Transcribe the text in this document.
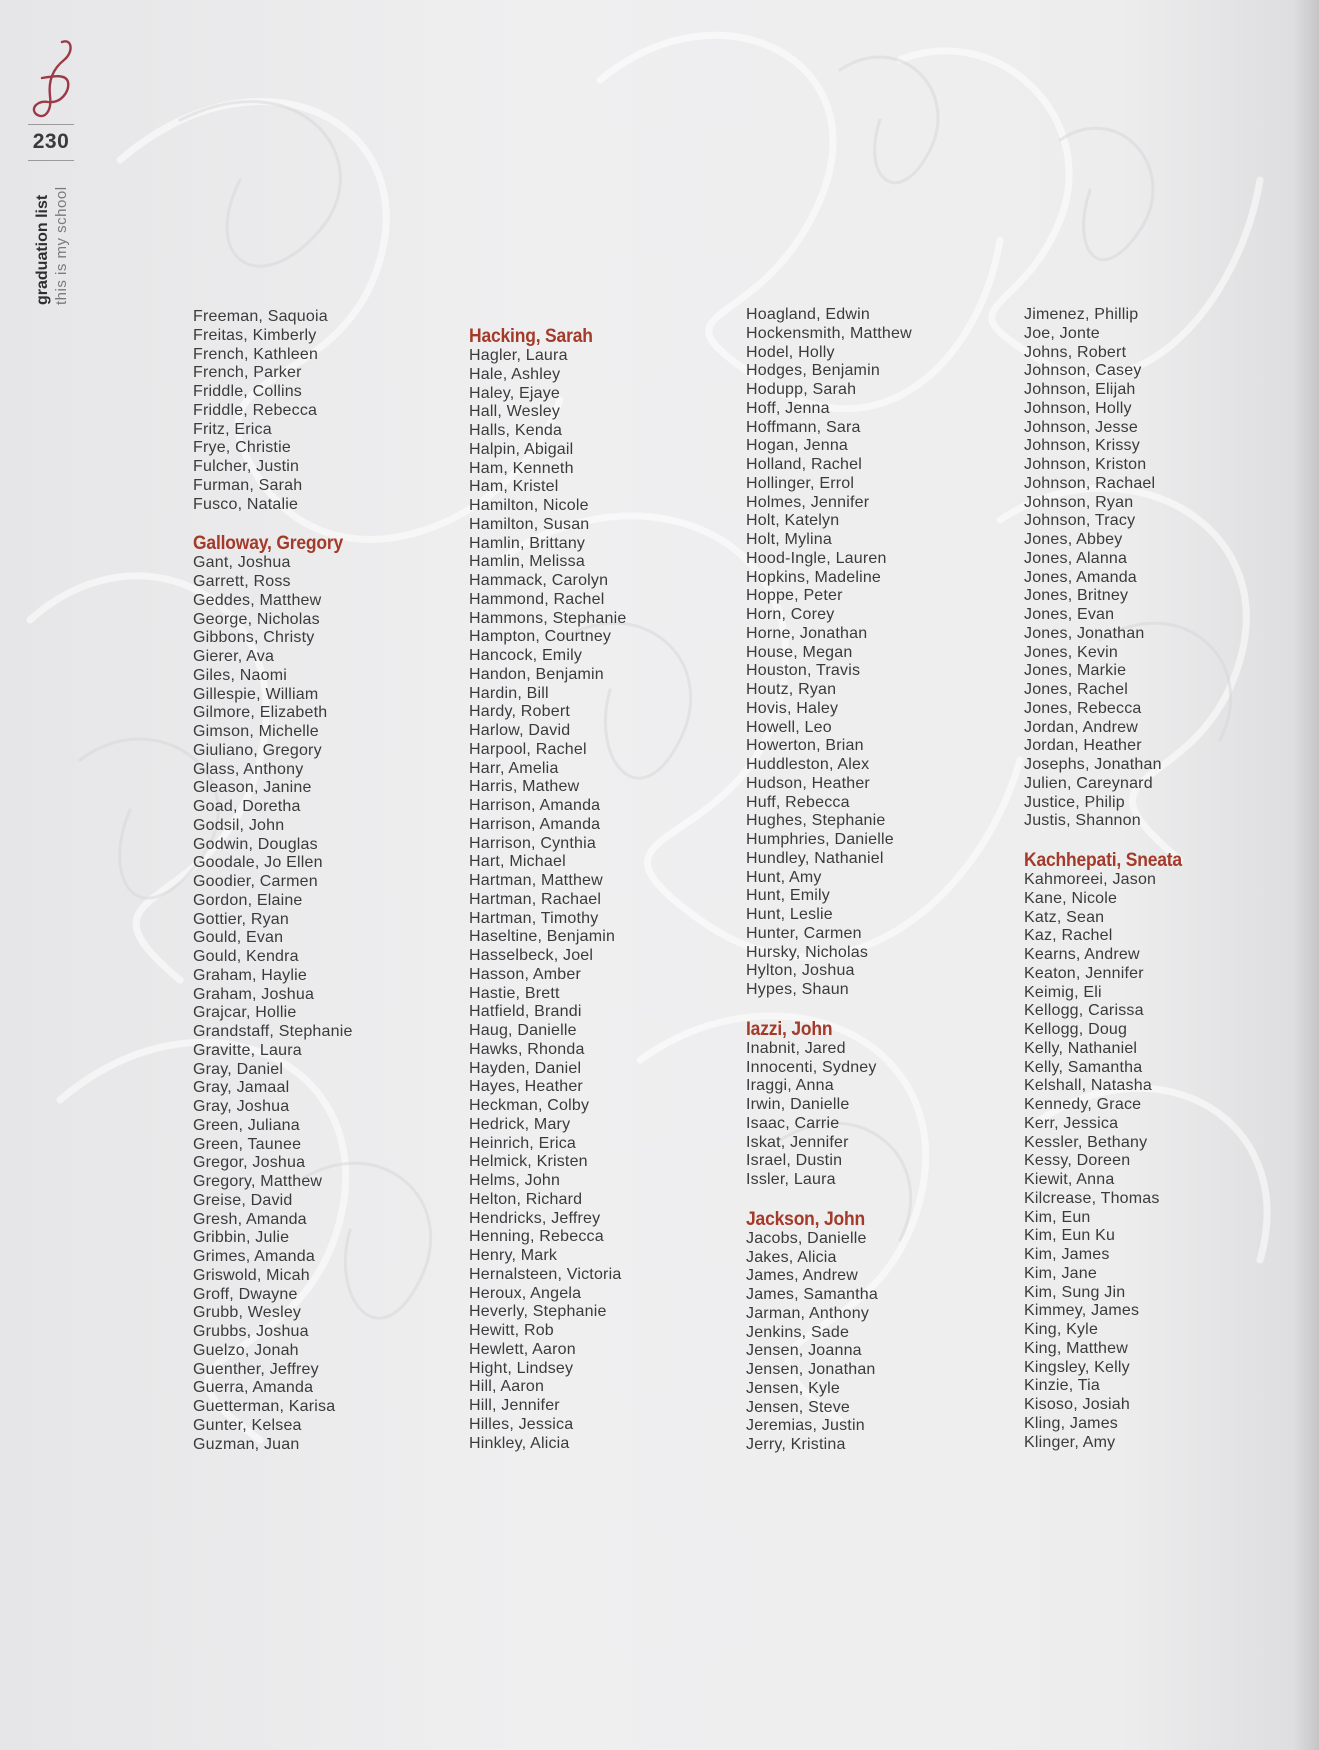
230
graduation list this is my school
Freeman, Saquoia
Freitas, Kimberly
French, Kathleen
French, Parker
Friddle, Collins
Friddle, Rebecca
Fritz, Erica
Frye, Christie
Fulcher, Justin
Furman, Sarah
Fusco, Natalie
Galloway, Gregory
Gant, Joshua
Garrett, Ross
Geddes, Matthew
George, Nicholas
Gibbons, Christy
Gierer, Ava
Giles, Naomi
Gillespie, William
Gilmore, Elizabeth
Gimson, Michelle
Giuliano, Gregory
Glass, Anthony
Gleason, Janine
Goad, Doretha
Godsil, John
Godwin, Douglas
Goodale, Jo Ellen
Goodier, Carmen
Gordon, Elaine
Gottier, Ryan
Gould, Evan
Gould, Kendra
Graham, Haylie
Graham, Joshua
Grajcar, Hollie
Grandstaff, Stephanie
Gravitte, Laura
Gray, Daniel
Gray, Jamaal
Gray, Joshua
Green, Juliana
Green, Taunee
Gregor, Joshua
Gregory, Matthew
Greise, David
Gresh, Amanda
Gribbin, Julie
Grimes, Amanda
Griswold, Micah
Groff, Dwayne
Grubb, Wesley
Grubbs, Joshua
Guelzo, Jonah
Guenther, Jeffrey
Guerra, Amanda
Guetterman, Karisa
Gunter, Kelsea
Guzman, Juan
Hacking, Sarah
Hagler, Laura
Hale, Ashley
Haley, Ejaye
Hall, Wesley
Halls, Kenda
Halpin, Abigail
Ham, Kenneth
Ham, Kristel
Hamilton, Nicole
Hamilton, Susan
Hamlin, Brittany
Hamlin, Melissa
Hammack, Carolyn
Hammond, Rachel
Hammons, Stephanie
Hampton, Courtney
Hancock, Emily
Handon, Benjamin
Hardin, Bill
Hardy, Robert
Harlow, David
Harpool, Rachel
Harr, Amelia
Harris, Mathew
Harrison, Amanda
Harrison, Amanda
Harrison, Cynthia
Hart, Michael
Hartman, Matthew
Hartman, Rachael
Hartman, Timothy
Haseltine, Benjamin
Hasselbeck, Joel
Hasson, Amber
Hastie, Brett
Hatfield, Brandi
Haug, Danielle
Hawks, Rhonda
Hayden, Daniel
Hayes, Heather
Heckman, Colby
Hedrick, Mary
Heinrich, Erica
Helmick, Kristen
Helms, John
Helton, Richard
Hendricks, Jeffrey
Henning, Rebecca
Henry, Mark
Hernalsteen, Victoria
Heroux, Angela
Heverly, Stephanie
Hewitt, Rob
Hewlett, Aaron
Hight, Lindsey
Hill, Aaron
Hill, Jennifer
Hilles, Jessica
Hinkley, Alicia
Hoagland, Edwin
Hockensmith, Matthew
Hodel, Holly
Hodges, Benjamin
Hodupp, Sarah
Hoff, Jenna
Hoffmann, Sara
Hogan, Jenna
Holland, Rachel
Hollinger, Errol
Holmes, Jennifer
Holt, Katelyn
Holt, Mylina
Hood-Ingle, Lauren
Hopkins, Madeline
Hoppe, Peter
Horn, Corey
Horne, Jonathan
House, Megan
Houston, Travis
Houtz, Ryan
Hovis, Haley
Howell, Leo
Howerton, Brian
Huddleston, Alex
Hudson, Heather
Huff, Rebecca
Hughes, Stephanie
Humphries, Danielle
Hundley, Nathaniel
Hunt, Amy
Hunt, Emily
Hunt, Leslie
Hunter, Carmen
Hursky, Nicholas
Hylton, Joshua
Hypes, Shaun
Iazzi, John
Inabnit, Jared
Innocenti, Sydney
Iraggi, Anna
Irwin, Danielle
Isaac, Carrie
Iskat, Jennifer
Israel, Dustin
Issler, Laura
Jackson, John
Jacobs, Danielle
Jakes, Alicia
James, Andrew
James, Samantha
Jarman, Anthony
Jenkins, Sade
Jensen, Joanna
Jensen, Jonathan
Jensen, Kyle
Jensen, Steve
Jeremias, Justin
Jerry, Kristina
Jimenez, Phillip
Joe, Jonte
Johns, Robert
Johnson, Casey
Johnson, Elijah
Johnson, Holly
Johnson, Jesse
Johnson, Krissy
Johnson, Kriston
Johnson, Rachael
Johnson, Ryan
Johnson, Tracy
Jones, Abbey
Jones, Alanna
Jones, Amanda
Jones, Britney
Jones, Evan
Jones, Jonathan
Jones, Kevin
Jones, Markie
Jones, Rachel
Jones, Rebecca
Jordan, Andrew
Jordan, Heather
Josephs, Jonathan
Julien, Careynard
Justice, Philip
Justis, Shannon
Kachhepati, Sneata
Kahmoreei, Jason
Kane, Nicole
Katz, Sean
Kaz, Rachel
Kearns, Andrew
Keaton, Jennifer
Keimig, Eli
Kellogg, Carissa
Kellogg, Doug
Kelly, Nathaniel
Kelly, Samantha
Kelshall, Natasha
Kennedy, Grace
Kerr, Jessica
Kessler, Bethany
Kessy, Doreen
Kiewit, Anna
Kilcrease, Thomas
Kim, Eun
Kim, Eun Ku
Kim, James
Kim, Jane
Kim, Sung Jin
Kimmey, James
King, Kyle
King, Matthew
Kingsley, Kelly
Kinzie, Tia
Kisoso, Josiah
Kling, James
Klinger, Amy
